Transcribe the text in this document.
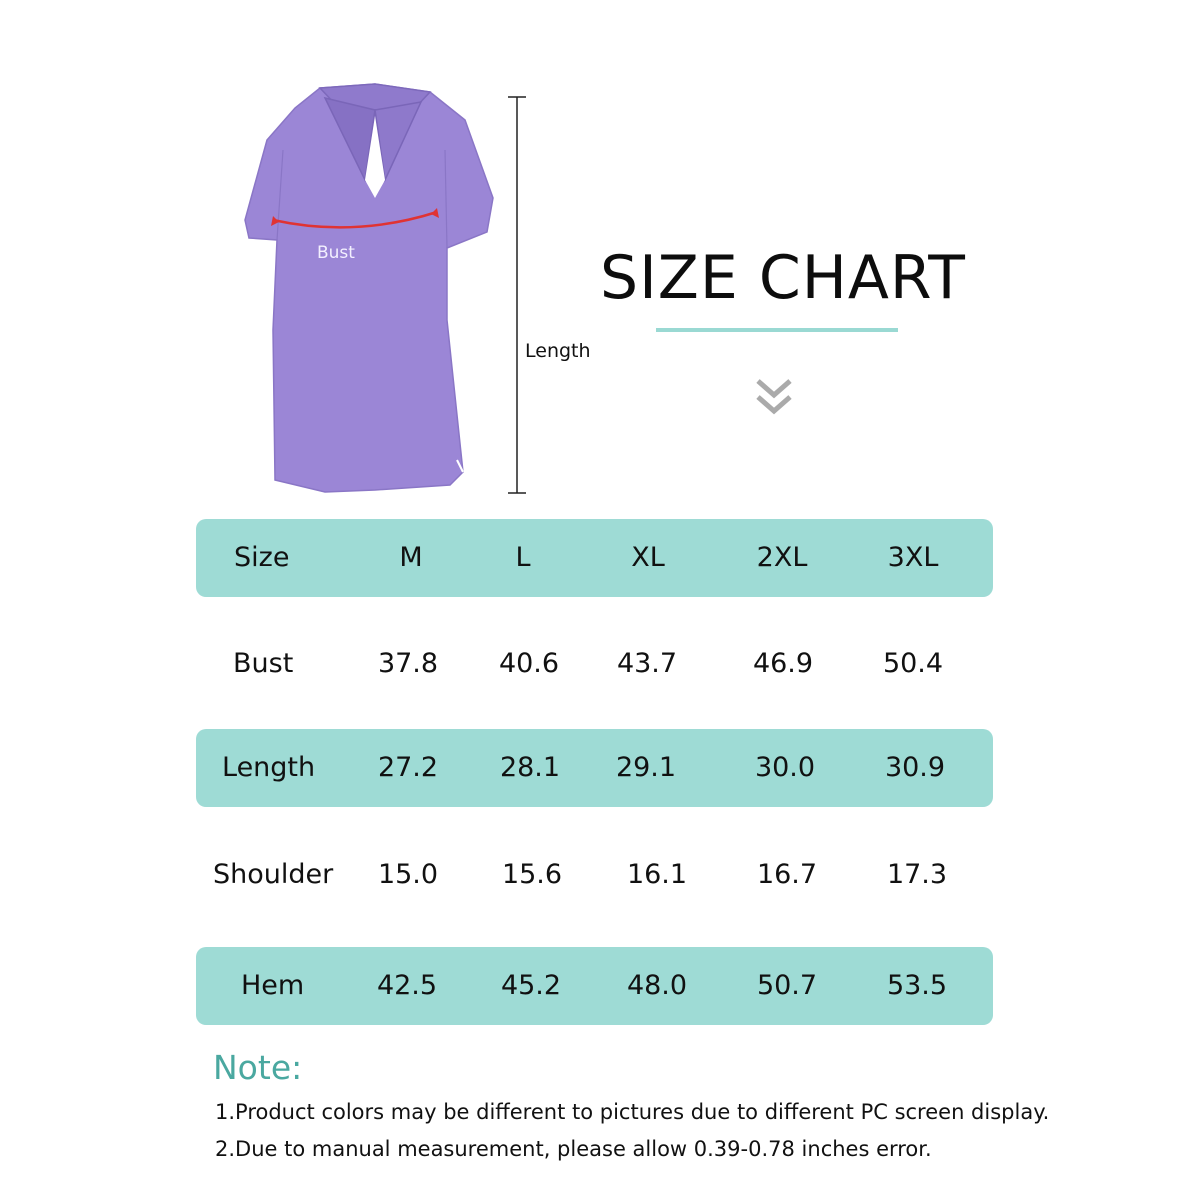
Bust
Length
SIZE CHART
Size	M	L	XL	2XL	3XL
Bust	37.8	40.6	43.7	46.9	50.4
Length	27.2	28.1	29.1	30.0	30.9
Shoulder	15.0	15.6	16.1	16.7	17.3
Hem	42.5	45.2	48.0	50.7	53.5
Note:
1.Product colors may be different to pictures due to different PC screen display.
2.Due to manual measurement, please allow 0.39-0.78 inches error.
